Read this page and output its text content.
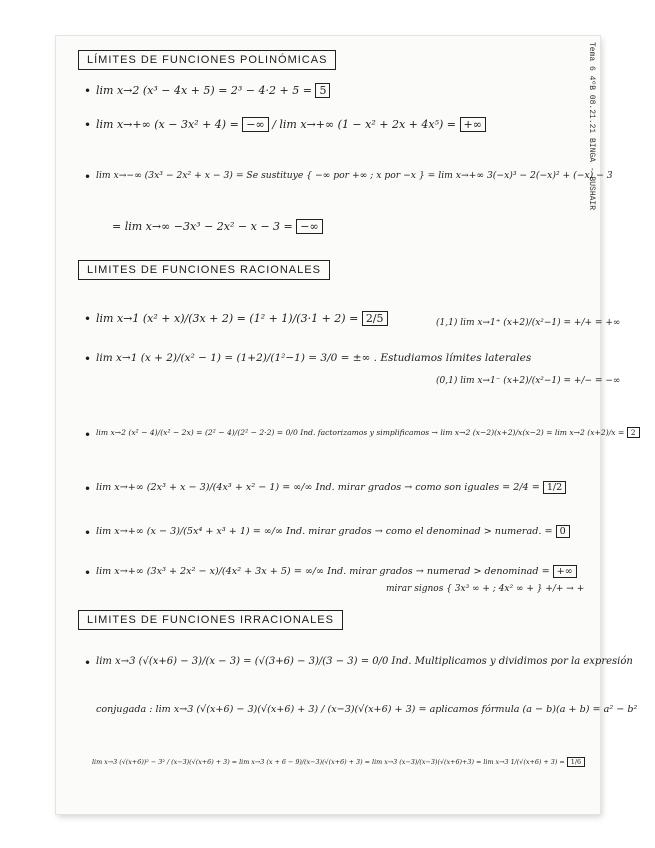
Tema 6 4ºB 08.21.21 BINGA - BUSHAIR
LÍMITES DE FUNCIONES POLINÓMICAS
• lim x→2 (x³ − 4x + 5) = 2³ − 4·2 + 5 = 5
• lim x→+∞ (x − 3x² + 4) = −∞ / lim x→+∞ (1 − x² + 2x + 4x⁵) = +∞
• lim x→−∞ (3x³ − 2x² + x − 3) = Se sustituye { −∞ por +∞ ; x por −x } = lim x→+∞ 3(−x)³ − 2(−x)² + (−x) − 3
= lim x→∞ −3x³ − 2x² − x − 3 = −∞
LIMITES DE FUNCIONES RACIONALES
• lim x→1 (x² + x)/(3x + 2) = (1² + 1)/(3·1 + 2) = 2/5	(1,1) lim x→1⁺ (x+2)/(x²−1) = +/+ = +∞
• lim x→1 (x + 2)/(x² − 1) = (1+2)/(1²−1) = 3/0 = ±∞ . Estudiamos límites laterales
(0,1) lim x→1⁻ (x+2)/(x²−1) = +/− = −∞
• lim x→2 (x² − 4)/(x² − 2x) = (2² − 4)/(2² − 2·2) = 0/0 Ind. factorizamos y simplificamos → lim x→2 (x−2)(x+2)/x(x−2) = lim x→2 (x+2)/x = 2
• lim x→+∞ (2x³ + x − 3)/(4x³ + x² − 1) = ∞/∞ Ind. mirar grados → como son iguales = 2/4 = 1/2
• lim x→+∞ (x − 3)/(5x⁴ + x³ + 1) = ∞/∞ Ind. mirar grados → como el denominad > numerad. = 0
• lim x→+∞ (3x³ + 2x² − x)/(4x² + 3x + 5) = ∞/∞ Ind. mirar grados → numerad > denominad = +∞
mirar signos { 3x³ ∞ + ; 4x² ∞ + } +/+ → +
LIMITES DE FUNCIONES IRRACIONALES
• lim x→3 (√(x+6) − 3)/(x − 3) = (√(3+6) − 3)/(3 − 3) = 0/0 Ind. Multiplicamos y dividimos por la expresión
conjugada : lim x→3 (√(x+6) − 3)(√(x+6) + 3) / (x−3)(√(x+6) + 3) = aplicamos fórmula (a − b)(a + b) = a² − b²
lim x→3 (√(x+6))² − 3² / (x−3)(√(x+6) + 3) = lim x→3 (x + 6 − 9)/(x−3)(√(x+6) + 3) = lim x→3 (x−3)/(x−3)(√(x+6)+3) = lim x→3 1/(√(x+6) + 3) = 1/6
